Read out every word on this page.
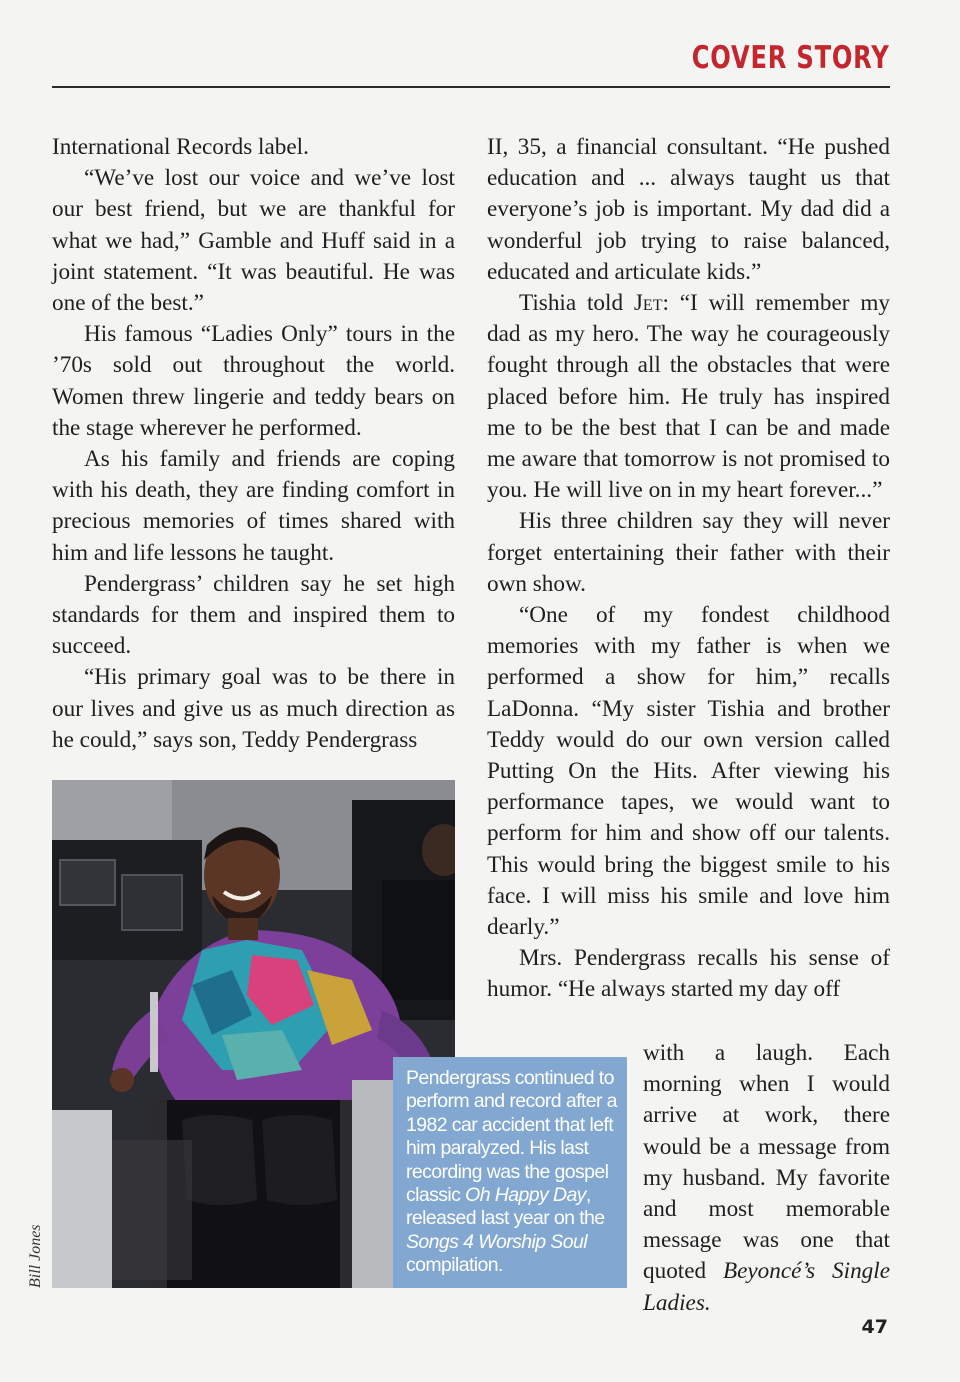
COVER STORY

International Records label.

“We’ve lost our voice and we’ve lost our best friend, but we are thankful for what we had,” Gamble and Huff said in a joint statement. “It was beautiful. He was one of the best.”

His famous “Ladies Only” tours in the ’70s sold out throughout the world. Women threw lingerie and teddy bears on the stage wherever he performed.

As his family and friends are coping with his death, they are finding comfort in precious memories of times shared with him and life lessons he taught.

Pendergrass’ children say he set high standards for them and inspired them to succeed.

“His primary goal was to be there in our lives and give us as much direction as he could,” says son, Teddy Pendergrass

II, 35, a financial consultant. “He pushed education and ... always taught us that everyone’s job is important. My dad did a wonderful job trying to raise balanced, educated and articulate kids.”

Tishia told Jet: “I will remember my dad as my hero. The way he courageously fought through all the obstacles that were placed before him. He truly has inspired me to be the best that I can be and made me aware that tomorrow is not promised to you. He will live on in my heart forever...”

His three children say they will never forget entertaining their father with their own show.

“One of my fondest childhood memories with my father is when we performed a show for him,” recalls LaDonna. “My sister Tishia and brother Teddy would do our own version called Putting On the Hits. After viewing his performance tapes, we would want to perform for him and show off our talents. This would bring the biggest smile to his face. I will miss his smile and love him dearly.”

Mrs. Pendergrass recalls his sense of humor. “He always started my day off

with a laugh. Each morning when I would arrive at work, there would be a message from my husband. My favorite and most memorable message was one that quoted Beyoncé’s Single Ladies.

Pendergrass continued to perform and record after a 1982 car accident that left him paralyzed. His last recording was the gospel classic Oh Happy Day, released last year on the Songs 4 Worship Soul compilation.
Bill Jones
47
